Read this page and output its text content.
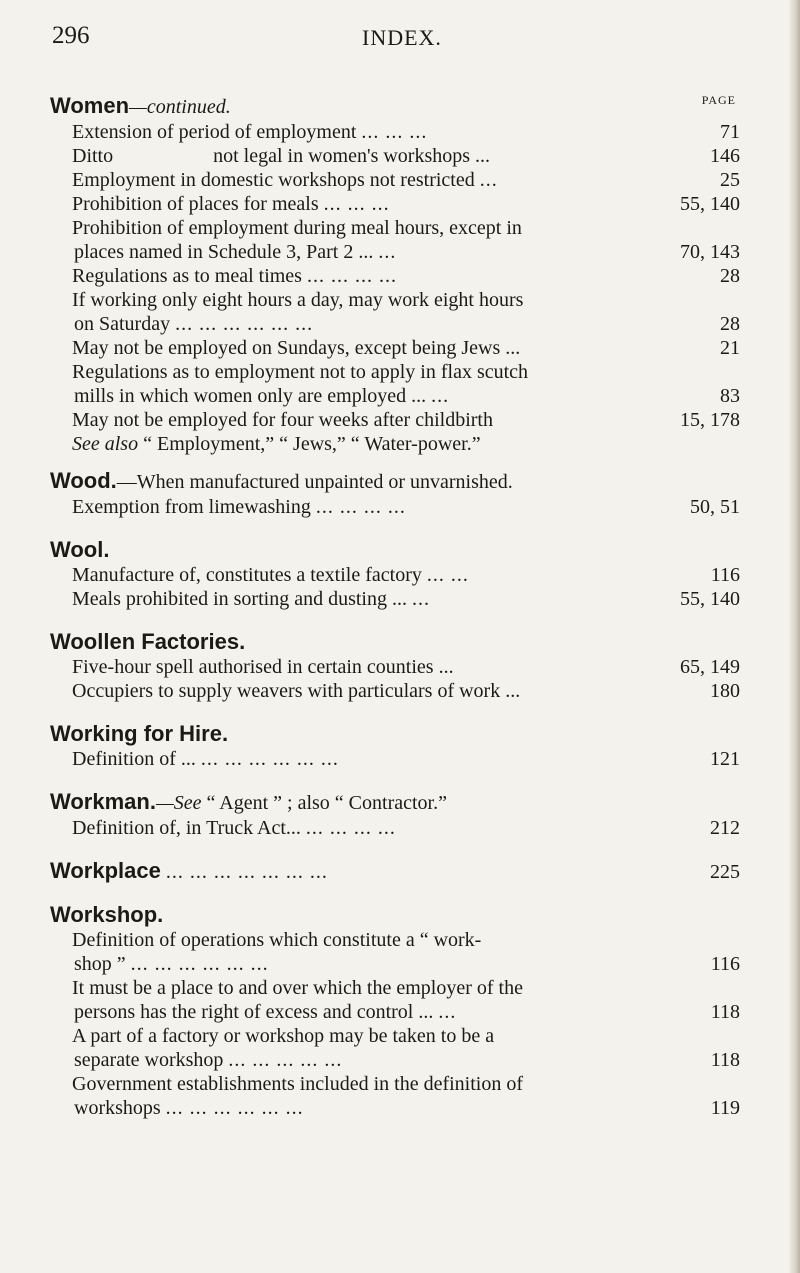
296	INDEX.
PAGE
Women—continued.
Extension of period of employment ... ... ...	71
Ditto                    not legal in women's workshops ...	146
Employment in domestic workshops not restricted ...	25
Prohibition of places for meals ... ... ...	55, 140
Prohibition of employment during meal hours, except in
places named in Schedule 3, Part 2 ... ...	70, 143
Regulations as to meal times ... ... ... ...	28
If working only eight hours a day, may work eight hours
on Saturday ... ... ... ... ... ...	28
May not be employed on Sundays, except being Jews ...	21
Regulations as to employment not to apply in flax scutch
mills in which women only are employed ... ...	83
May not be employed for four weeks after childbirth	15, 178
See also “ Employment,” “ Jews,” “ Water-power.”
Wood.—When manufactured unpainted or unvarnished.
Exemption from limewashing ... ... ... ...	50, 51
Wool.
Manufacture of, constitutes a textile factory ... ...	116
Meals prohibited in sorting and dusting ... ...	55, 140
Woollen Factories.
Five-hour spell authorised in certain counties ...	65, 149
Occupiers to supply weavers with particulars of work ...	180
Working for Hire.
Definition of ... ... ... ... ... ... ...	121
Workman.—See “ Agent ” ; also “ Contractor.”
Definition of, in Truck Act... ... ... ... ...	212
Workplace ... ... ... ... ... ... ...	225
Workshop.
Definition of operations which constitute a “ work-
shop ” ... ... ... ... ... ...	116
It must be a place to and over which the employer of the
persons has the right of excess and control ... ...	118
A part of a factory or workshop may be taken to be a
separate workshop ... ... ... ... ...	118
Government establishments included in the definition of
workshops ... ... ... ... ... ...	119
